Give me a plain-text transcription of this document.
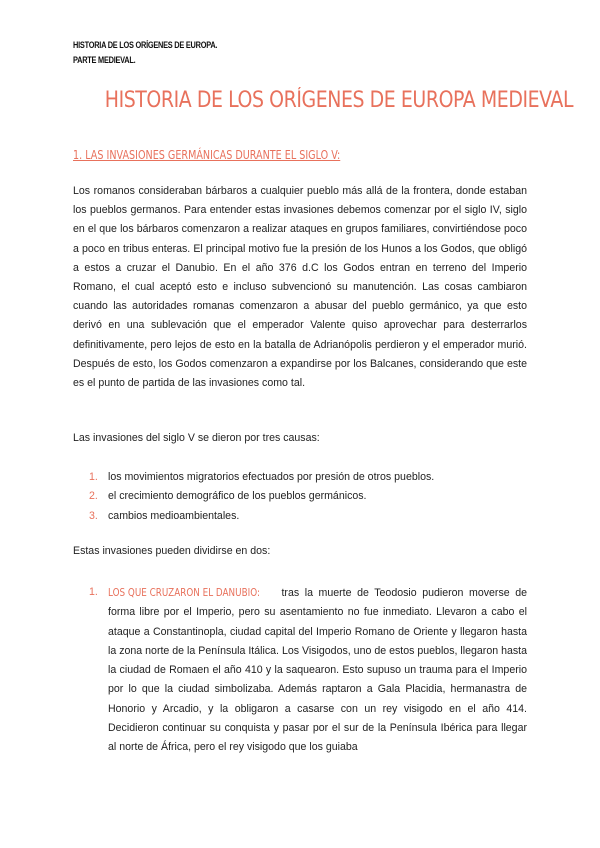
HISTORIA DE LOS ORÍGENES DE EUROPA.
PARTE MEDIEVAL.
HISTORIA DE LOS ORÍGENES DE EUROPA MEDIEVAL
1. LAS INVASIONES GERMÁNICAS DURANTE EL SIGLO V:

Los romanos consideraban bárbaros a cualquier pueblo más allá de la frontera, donde estaban los pueblos germanos. Para entender estas invasiones debemos comenzar por el siglo IV, siglo en el que los bárbaros comenzaron a realizar ataques en grupos familiares, convirtiéndose poco a poco en tribus enteras. El principal motivo fue la presión de los Hunos a los Godos, que obligó a estos a cruzar el Danubio. En el año 376 d.C los Godos entran en terreno del Imperio Romano, el cual aceptó esto e incluso subvencionó su manutención. Las cosas cambiaron cuando las autoridades romanas comenzaron a abusar del pueblo germánico, ya que esto derivó en una sublevación que el emperador Valente quiso aprovechar para desterrarlos definitivamente, pero lejos de esto en la batalla de Adrianópolis perdieron y el emperador murió. Después de esto, los Godos comenzaron a expandirse por los Balcanes, considerando que este es el punto de partida de las invasiones como tal.

Las invasiones del siglo V se dieron por tres causas:
1. los movimientos migratorios efectuados por presión de otros pueblos.
2. el crecimiento demográfico de los pueblos germánicos.
3. cambios medioambientales.
Estas invasiones pueden dividirse en dos:
1. LOS QUE CRUZARON EL DANUBIO: tras la muerte de Teodosio pudieron moverse de forma libre por el Imperio, pero su asentamiento no fue inmediato. Llevaron a cabo el ataque a Constantinopla, ciudad capital del Imperio Romano de Oriente y llegaron hasta la zona norte de la Península Itálica. Los Visigodos, uno de estos pueblos, llegaron hasta la ciudad de Romaen el año 410 y la saquearon. Esto supuso un trauma para el Imperio por lo que la ciudad simbolizaba. Además raptaron a Gala Placidia, hermanastra de Honorio y Arcadio, y la obligaron a casarse con un rey visigodo en el año 414. Decidieron continuar su conquista y pasar por el sur de la Península Ibérica para llegar al norte de África, pero el rey visigodo que los guiaba
